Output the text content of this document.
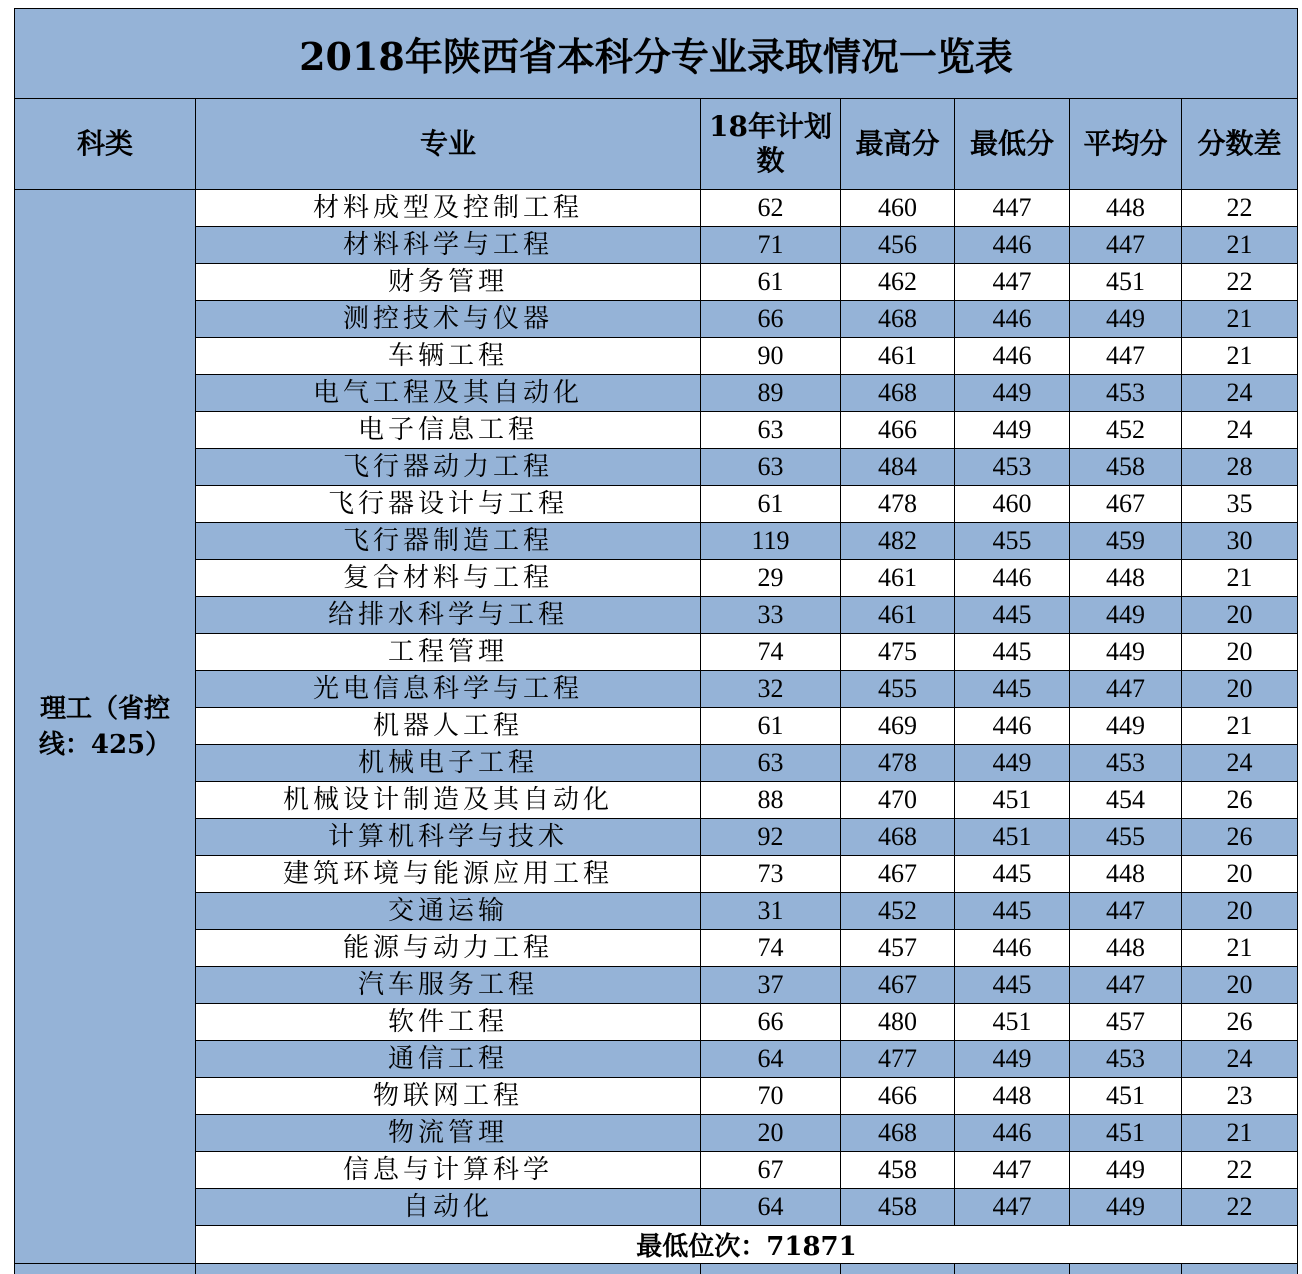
2018年陕西省本科分专业录取情况一览表						
科类	专业	18年计划数	最高分	最低分	平均分	分数差
理工（省控线：425）	材料成型及控制工程	62	460	447	448	22
	材料科学与工程	71	456	446	447	21
	财务管理	61	462	447	451	22
	测控技术与仪器	66	468	446	449	21
	车辆工程	90	461	446	447	21
	电气工程及其自动化	89	468	449	453	24
	电子信息工程	63	466	449	452	24
	飞行器动力工程	63	484	453	458	28
	飞行器设计与工程	61	478	460	467	35
	飞行器制造工程	119	482	455	459	30
	复合材料与工程	29	461	446	448	21
	给排水科学与工程	33	461	445	449	20
	工程管理	74	475	445	449	20
	光电信息科学与工程	32	455	445	447	20
	机器人工程	61	469	446	449	21
	机械电子工程	63	478	449	453	24
	机械设计制造及其自动化	88	470	451	454	26
	计算机科学与技术	92	468	451	455	26
	建筑环境与能源应用工程	73	467	445	448	20
	交通运输	31	452	445	447	20
	能源与动力工程	74	457	446	448	21
	汽车服务工程	37	467	445	447	20
	软件工程	66	480	451	457	26
	通信工程	64	477	449	453	24
	物联网工程	70	466	448	451	23
	物流管理	20	468	446	451	21
	信息与计算科学	67	458	447	449	22
	自动化	64	458	447	449	22
	最低位次：71871					
